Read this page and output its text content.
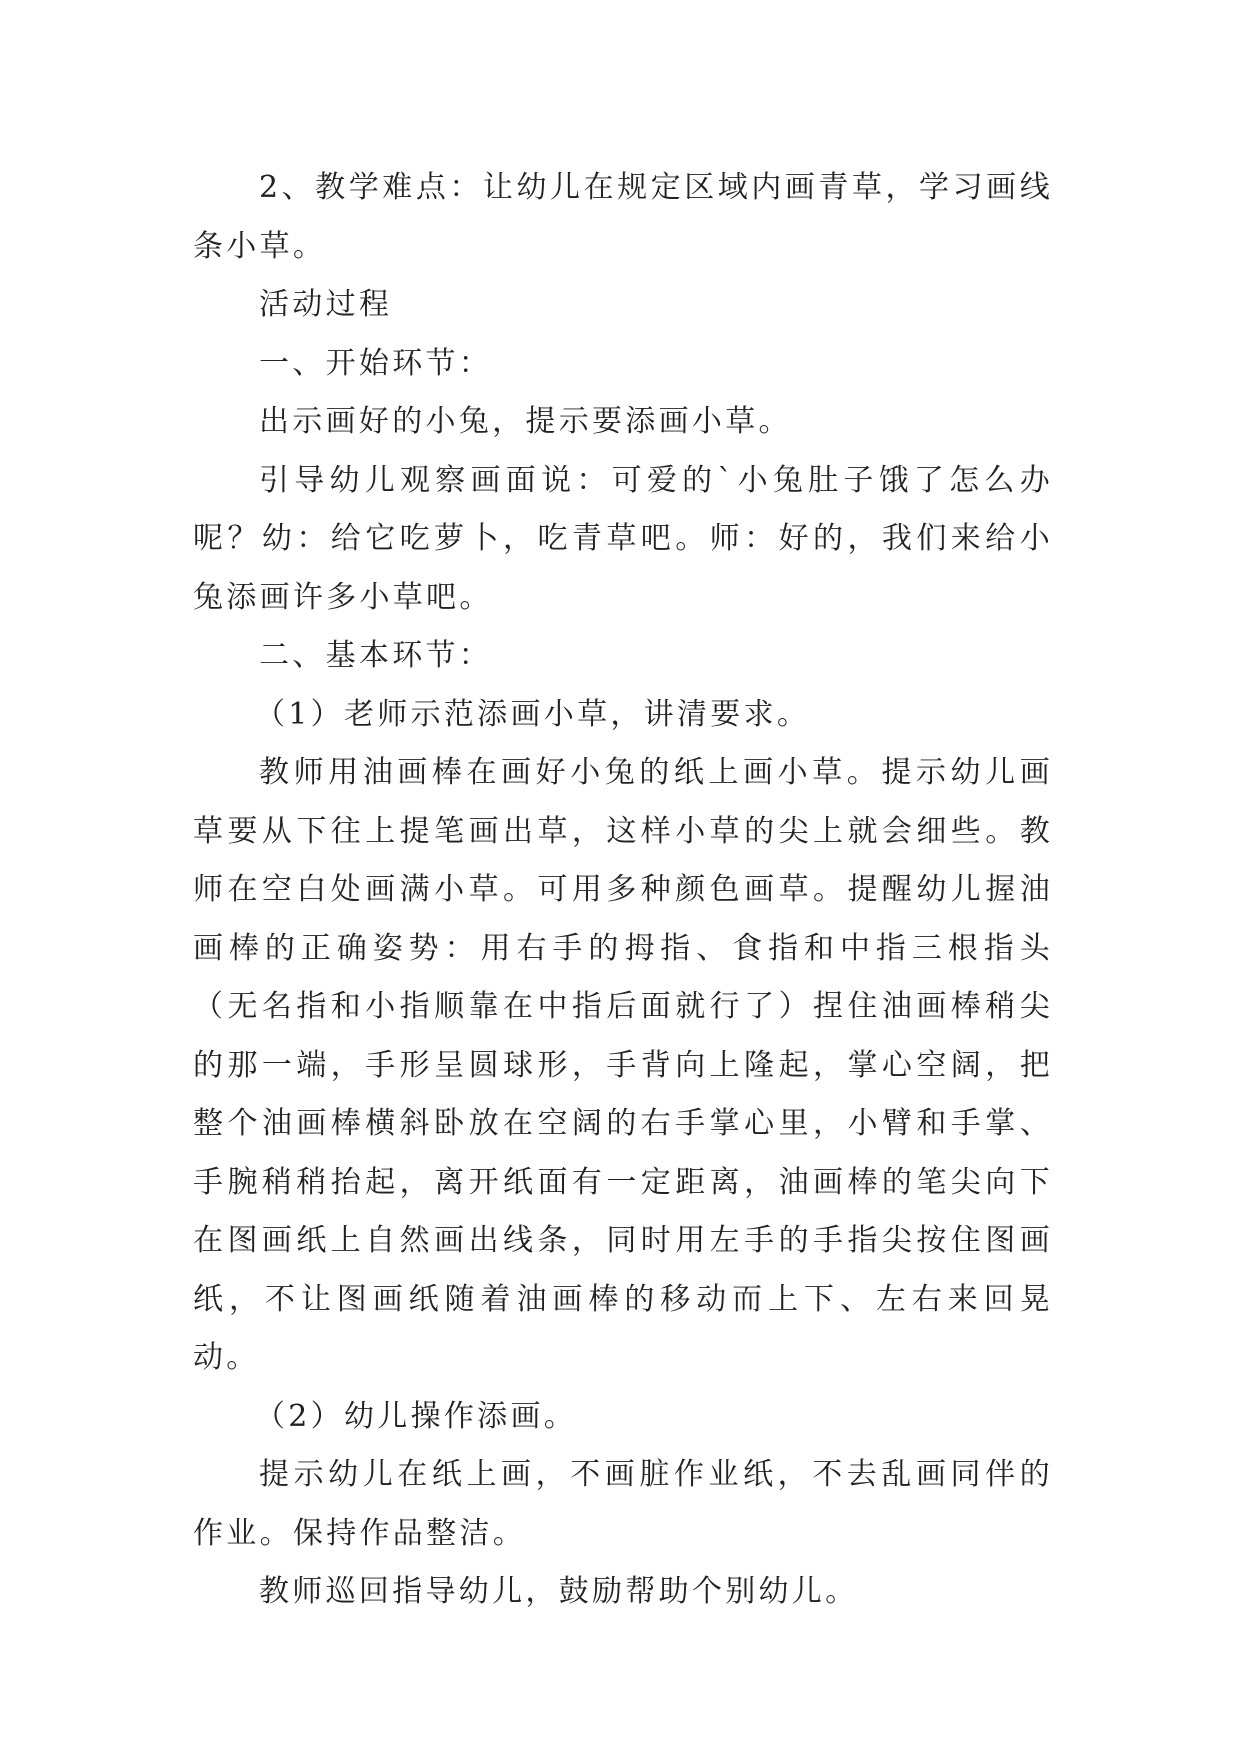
2、教学难点：让幼儿在规定区域内画青草，学习画线条小草。

活动过程

一、开始环节：

出示画好的小兔，提示要添画小草。

引导幼儿观察画面说：可爱的`小兔肚子饿了怎么办呢？幼：给它吃萝卜，吃青草吧。师：好的，我们来给小兔添画许多小草吧。

二、基本环节：

（1）老师示范添画小草，讲清要求。

教师用油画棒在画好小兔的纸上画小草。提示幼儿画草要从下往上提笔画出草，这样小草的尖上就会细些。教师在空白处画满小草。可用多种颜色画草。提醒幼儿握油画棒的正确姿势：用右手的拇指、食指和中指三根指头（无名指和小指顺靠在中指后面就行了）捏住油画棒稍尖的那一端，手形呈圆球形，手背向上隆起，掌心空阔，把整个油画棒横斜卧放在空阔的右手掌心里，小臂和手掌、手腕稍稍抬起，离开纸面有一定距离，油画棒的笔尖向下在图画纸上自然画出线条，同时用左手的手指尖按住图画纸，不让图画纸随着油画棒的移动而上下、左右来回晃动。

（2）幼儿操作添画。

提示幼儿在纸上画，不画脏作业纸，不去乱画同伴的作业。保持作品整洁。

教师巡回指导幼儿，鼓励帮助个别幼儿。
